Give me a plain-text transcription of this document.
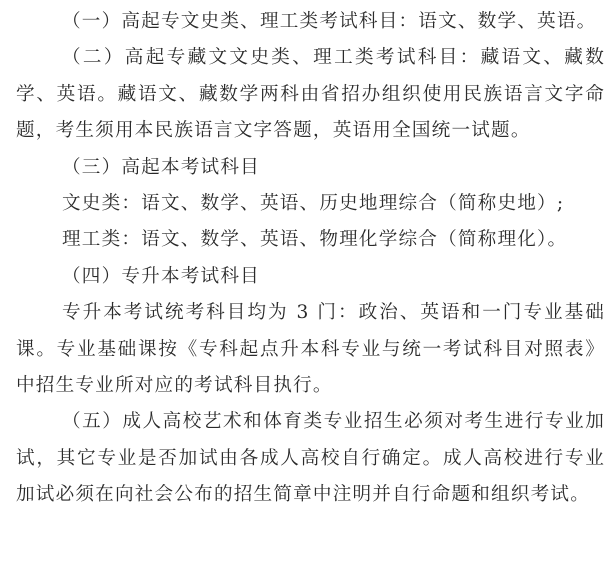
（一）高起专文史类、理工类考试科目：语文、数学、英语。

（二）高起专藏文文史类、理工类考试科目：藏语文、藏数学、英语。藏语文、藏数学两科由省招办组织使用民族语言文字命题，考生须用本民族语言文字答题，英语用全国统一试题。

（三）高起本考试科目

文史类：语文、数学、英语、历史地理综合（简称史地）;

理工类：语文、数学、英语、物理化学综合（简称理化）。

（四）专升本考试科目

专升本考试统考科目均为 3 门：政治、英语和一门专业基础课。专业基础课按《专科起点升本科专业与统一考试科目对照表》中招生专业所对应的考试科目执行。

（五）成人高校艺术和体育类专业招生必须对考生进行专业加试，其它专业是否加试由各成人高校自行确定。成人高校进行专业加试必须在向社会公布的招生简章中注明并自行命题和组织考试。
